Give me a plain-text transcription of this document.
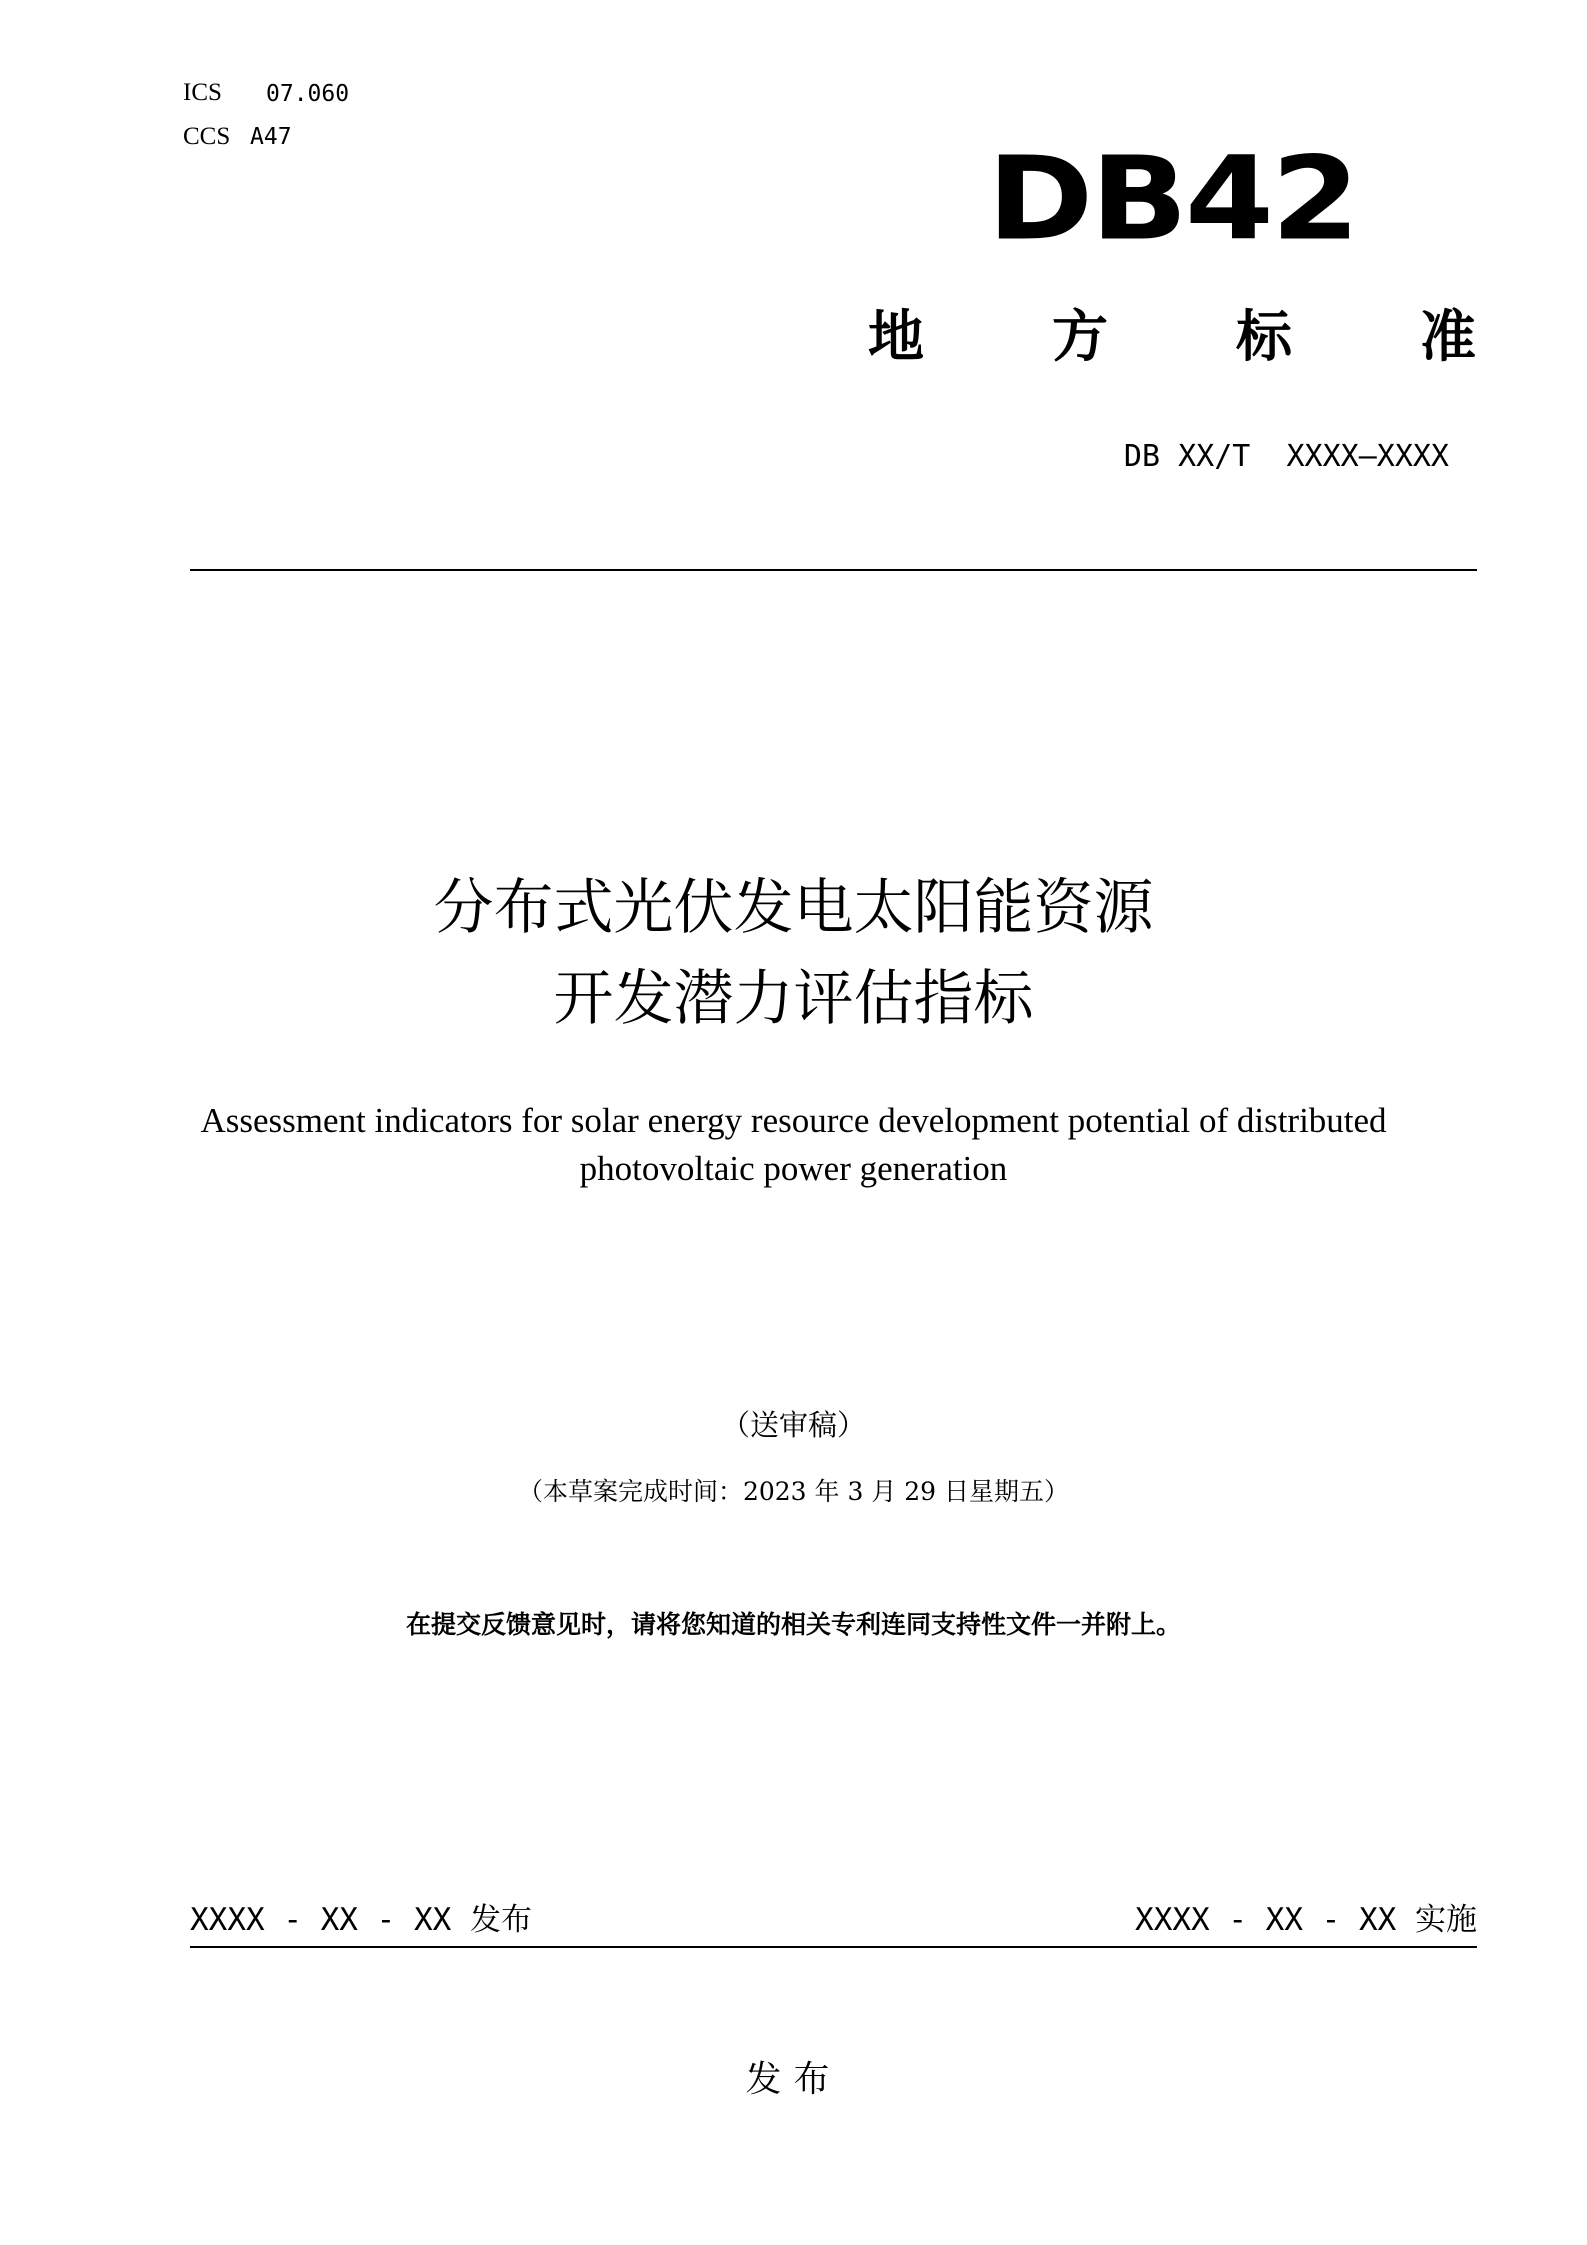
ICS 07.060
CCS A47	DB42
地 方 标 准
DB XX/T  XXXX—XXXX
分布式光伏发电太阳能资源
开发潜力评估指标
Assessment indicators for solar energy resource development potential of distributed
photovoltaic power generation
（送审稿）
（本草案完成时间：2023 年 3 月 29 日星期五）
在提交反馈意见时，请将您知道的相关专利连同支持性文件一并附上。
XXXX - XX - XX 发布	XXXX - XX - XX 实施
发布
